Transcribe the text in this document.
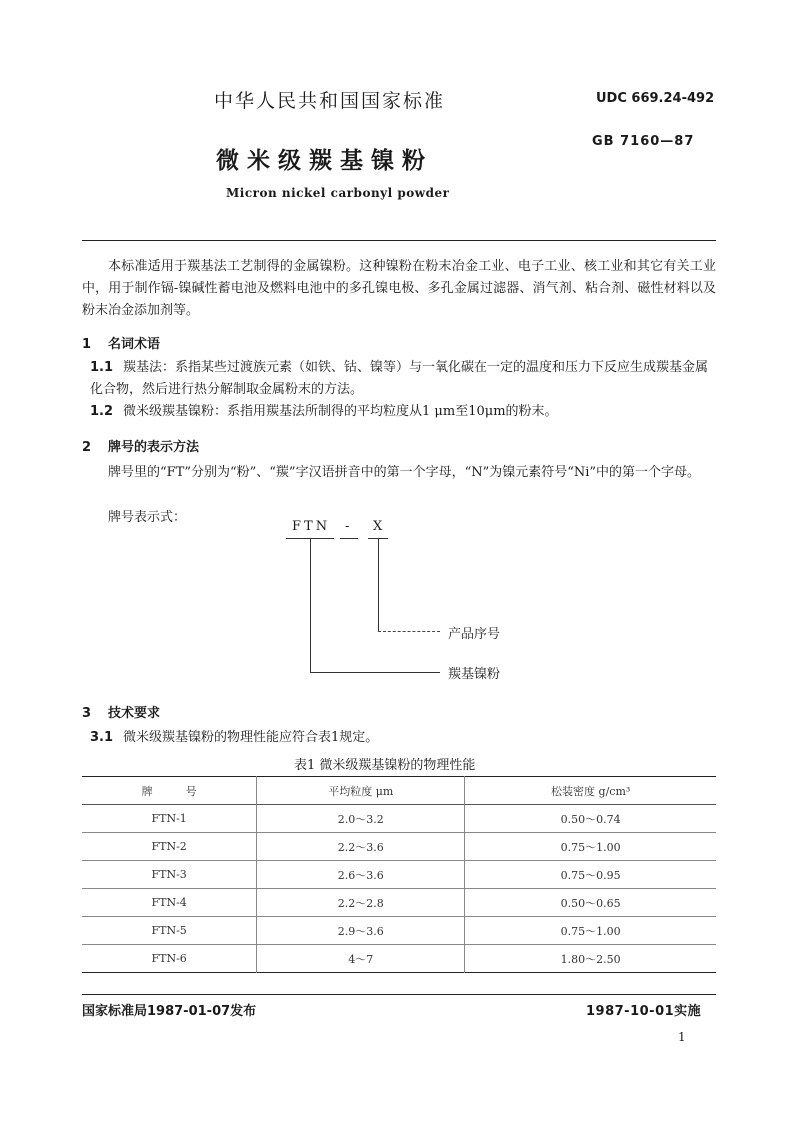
中华人民共和国国家标准	UDC 669.24-492
GB 7160—87
微米级羰基镍粉
Micron nickel carbonyl powder
本标准适用于羰基法工艺制得的金属镍粉。这种镍粉在粉末冶金工业、电子工业、核工业和其它有关工业中，用于制作镉-镍碱性蓄电池及燃料电池中的多孔镍电极、多孔金属过滤器、消气剂、粘合剂、磁性材料以及粉末冶金添加剂等。
1 名词术语
1.1 羰基法：系指某些过渡族元素（如铁、钴、镍等）与一氧化碳在一定的温度和压力下反应生成羰基金属化合物，然后进行热分解制取金属粉末的方法。
1.2 微米级羰基镍粉：系指用羰基法所制得的平均粒度从1 μm至10μm的粉末。
2 牌号的表示方法
牌号里的“FT”分别为“粉”、“羰”字汉语拼音中的第一个字母，“N”为镍元素符号“Ni”中的第一个字母。
牌号表示式：
FTN - X
产品序号
羰基镍粉
3 技术要求
3.1 微米级羰基镍粉的物理性能应符合表1规定。
表1 微米级羰基镍粉的物理性能
牌　　　号	平均粒度 μm	松装密度 g/cm³
FTN-1	2.0～3.2	0.50～0.74
FTN-2	2.2～3.6	0.75～1.00
FTN-3	2.6～3.6	0.75～0.95
FTN-4	2.2～2.8	0.50～0.65
FTN-5	2.9～3.6	0.75～1.00
FTN-6	4～7	1.80～2.50
国家标准局1987-01-07发布	1987-10-01实施
1
